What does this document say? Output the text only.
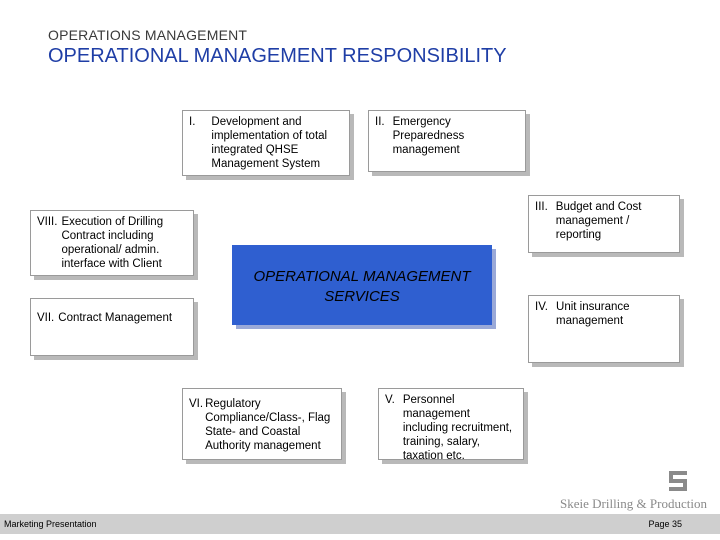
OPERATIONS MANAGEMENT
OPERATIONAL MANAGEMENT RESPONSIBILITY
I.	Development and implementation of total integrated QHSE Management System
II. Emergency Preparedness management
III. Budget and Cost management / reporting
IV. Unit insurance management
V. Personnel management including recruitment, training, salary, taxation etc.
VI. Regulatory Compliance/Class-, Flag State- and Coastal Authority management
VII. Contract Management
VIII. Execution of Drilling Contract including operational/ admin. interface with Client
OPERATIONAL MANAGEMENT
SERVICES
Skeie Drilling & Production
Marketing Presentation	Page 35
